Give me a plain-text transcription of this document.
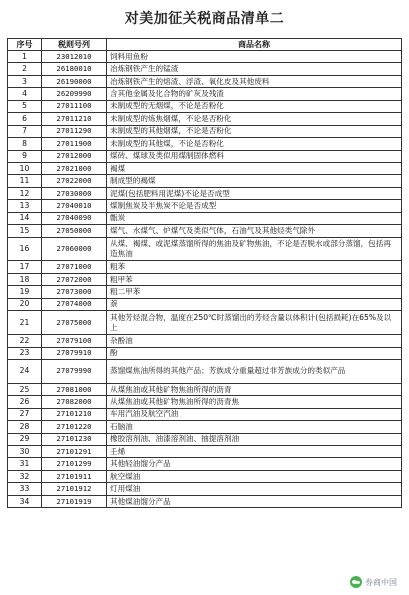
对美加征关税商品清单二
序号	税则号列	商品名称
1	23012010	饲料用鱼粉
2	26180010	冶炼钢铁产生的锰渣
3	26190000	冶炼钢铁产生的熔渣、浮渣、氧化皮及其他废料
4	26209990	含其他金属及化合物的矿灰及残渣
5	27011100	未制成型的无烟煤，不论是否粉化
6	27011210	未制成型的炼焦烟煤，不论是否粉化
7	27011290	未制成型的其他烟煤，不论是否粉化
8	27011900	未制成型的其他煤，不论是否粉化
9	27012000	煤砖、煤球及类似用煤制固体燃料
10	27021000	褐煤
11	27022000	制成型的褐煤
12	27030000	泥煤(包括肥料用泥煤)不论是否成型
13	27040010	煤制焦炭及半焦炭不论是否成型
14	27040090	甑炭
15	27050000	煤气、水煤气、炉煤气及类似气体，石油气及其他烃类气除外
16	27060000	从煤、褐煤、或泥煤蒸馏所得的焦油及矿物焦油，不论是否脱水或部分蒸馏，包括再造焦油
17	27071000	粗苯
18	27072000	粗甲苯
19	27073000	粗二甲苯
20	27074000	萘
21	27075000	其他芳烃混合物，温度在250℃时蒸馏出的芳烃含量以体积计(包括损耗)在65%及以上
22	27079100	杂酚油
23	27079910	酚
24	27079990	蒸馏煤焦油所得的其他产品；芳族成分重量超过非芳族成分的类似产品
25	27081000	从煤焦油或其他矿物焦油所得的沥青
26	27082000	从煤焦油或其他矿物焦油所得的沥青焦
27	27101210	车用汽油及航空汽油
28	27101220	石脑油
29	27101230	橡胶溶剂油、油漆溶剂油、抽提溶剂油
30	27101291	壬烯
31	27101299	其他轻油馏分产品
32	27101911	航空煤油
33	27101912	灯用煤油
34	27101919	其他煤油馏分产品
券商中国
